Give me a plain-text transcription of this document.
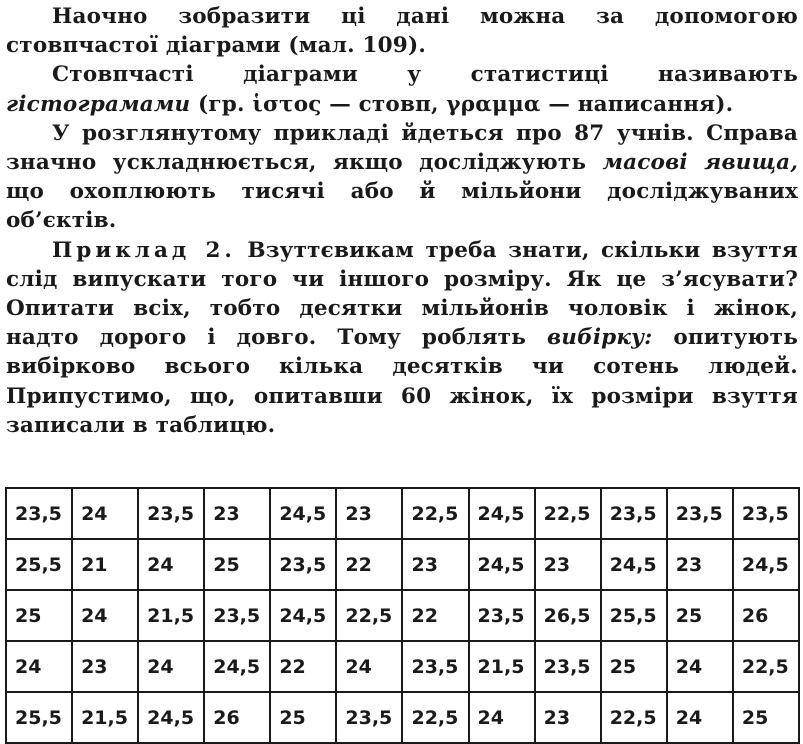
Наочно зобразити ці дані можна за допомогою стовпчастої діаграми (мал. 109).

Стовпчасті діаграми у статистиці називають гістограмами (гр. ἱστος — стовп, γραμμα — написання).

У розглянутому прикладі йдеться про 87 учнів. Справа значно ускладнюється, якщо досліджують масові явища, що охоплюють тисячі або й мільйони досліджуваних об’єктів.

Приклад 2. Взуттєвикам треба знати, скільки взуття слід випускати того чи іншого розміру. Як це з’ясувати? Опитати всіх, тобто десятки мільйонів чоловік і жінок, надто дорого і довго. Тому роблять вибірку: опитують вибірково всього кілька десятків чи сотень людей. Припустимо, що, опитавши 60 жінок, їх розміри взуття записали в таблицю.

23,5	24	23,5	23	24,5	23	22,5	24,5	22,5	23,5	23,5	23,5
25,5	21	24	25	23,5	22	23	24,5	23	24,5	23	24,5
25	24	21,5	23,5	24,5	22,5	22	23,5	26,5	25,5	25	26
24	23	24	24,5	22	24	23,5	21,5	23,5	25	24	22,5
25,5	21,5	24,5	26	25	23,5	22,5	24	23	22,5	24	25
